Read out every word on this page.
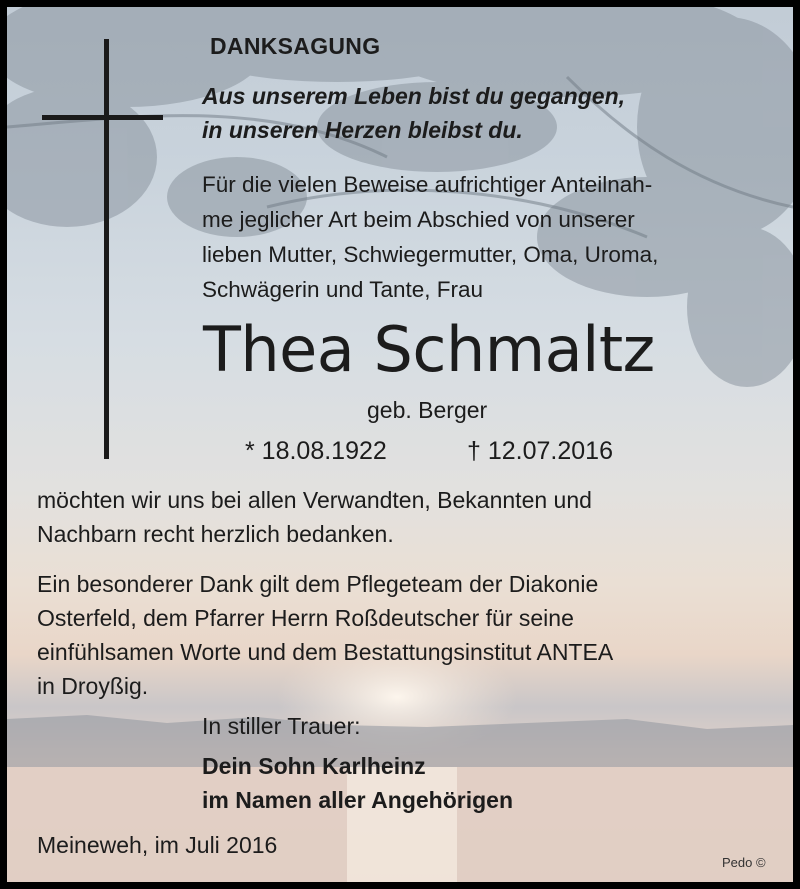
DANKSAGUNG

Aus unserem Leben bist du gegangen,
in unseren Herzen bleibst du.

Für die vielen Beweise aufrichtiger Anteilnah-
me jeglicher Art beim Abschied von unserer
lieben Mutter, Schwiegermutter, Oma, Uroma,
Schwägerin und Tante, Frau

Thea Schmaltz

geb. Berger

* 18.08.1922	† 12.07.2016

möchten wir uns bei allen Verwandten, Bekannten und
Nachbarn recht herzlich bedanken.

Ein besonderer Dank gilt dem Pflegeteam der Diakonie
Osterfeld, dem Pfarrer Herrn Roßdeutscher für seine
einfühlsamen Worte und dem Bestattungsinstitut ANTEA
in Droyßig.

In stiller Trauer:

Dein Sohn Karlheinz
im Namen aller Angehörigen

Meineweh, im Juli 2016

Pedo ©
